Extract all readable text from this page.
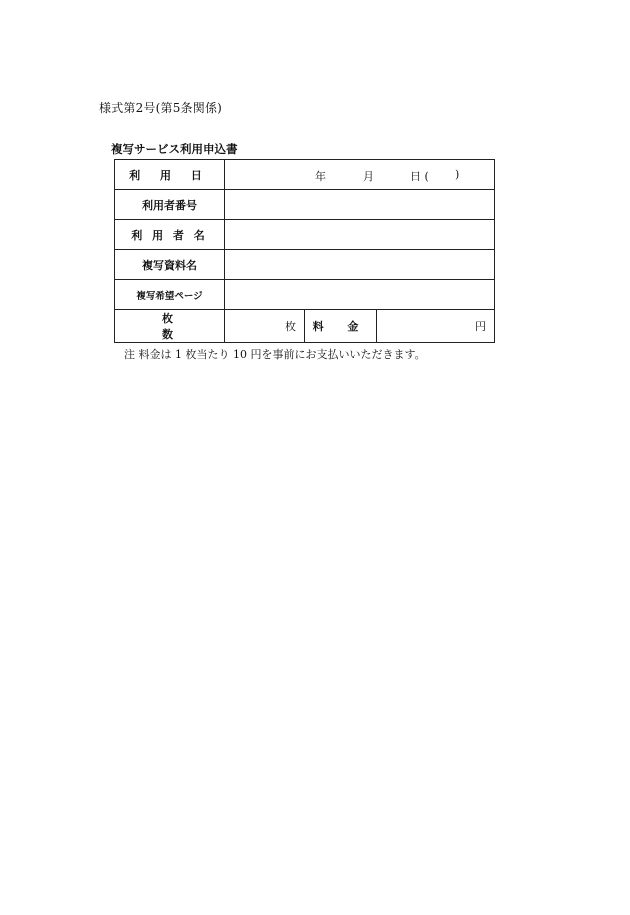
様式第2号(第5条関係)
複写サービス利用申込書
利 用 日	年 月 日 ( )		

利用者番号			
利 用 者 名			
複写資料名			
複写希望ページ			
枚 数	枚	料 金	円
注 料金は 1 枚当たり 10 円を事前にお支払いいただきます。
